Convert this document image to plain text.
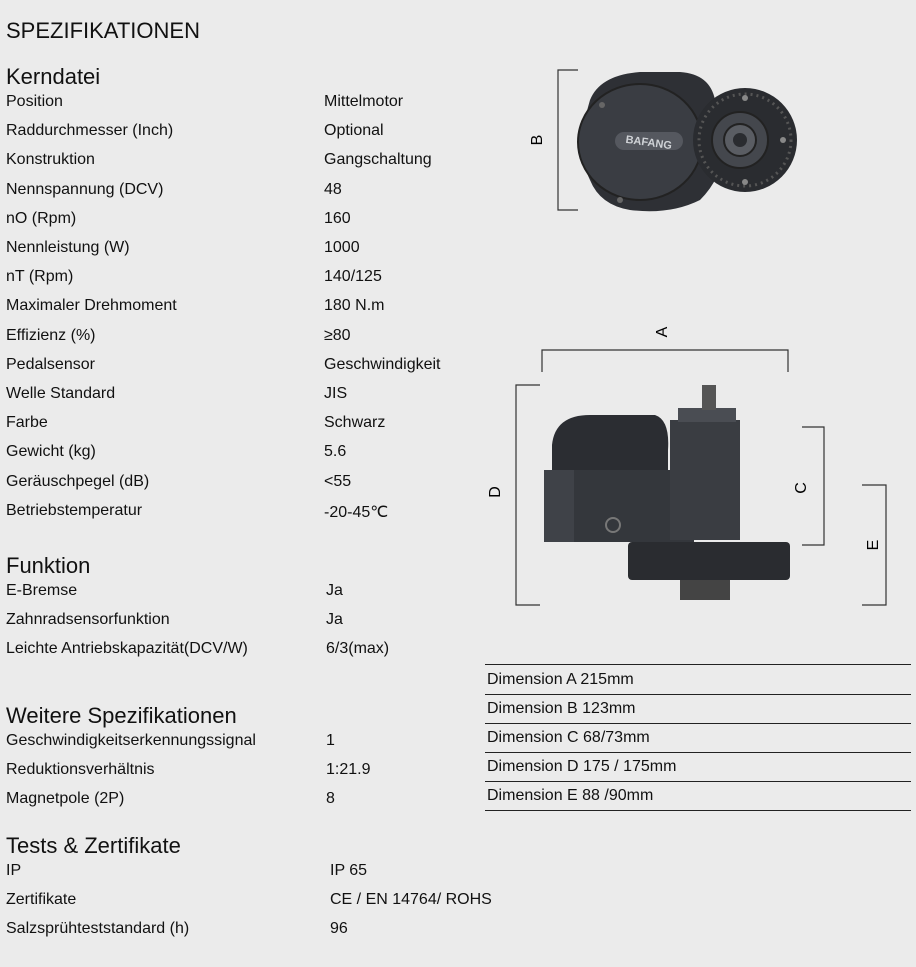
SPEZIFIKATIONEN
Kerndatei
Position	Mittelmotor
Raddurchmesser (Inch)	Optional
Konstruktion	Gangschaltung
Nennspannung (DCV)	48
nO (Rpm)	160
Nennleistung (W)	1000
nT (Rpm)	140/125
Maximaler Drehmoment	180 N.m
Effizienz (%)	≥80
Pedalsensor	Geschwindigkeit
Welle Standard	JIS
Farbe	Schwarz
Gewicht (kg)	5.6
Geräuschpegel (dB)	<55
Betriebstemperatur	-20-45℃
Funktion
E-Bremse	Ja
Zahnradsensorfunktion	Ja
Leichte Antriebskapazität(DCV/W)	6/3(max)
Weitere Spezifikationen
Geschwindigkeitserkennungssignal	1
Reduktionsverhältnis	1:21.9
Magnetpole (2P)	8
Tests & Zertifikate
IP	IP 65
Zertifikate	CE / EN 14764/ ROHS
Salzsprühteststandard (h)	96
Dimension A 215mm
Dimension B 123mm
Dimension C 68/73mm
Dimension D 175 / 175mm
Dimension E 88 /90mm
B	BAFANG
A
D	C
E
